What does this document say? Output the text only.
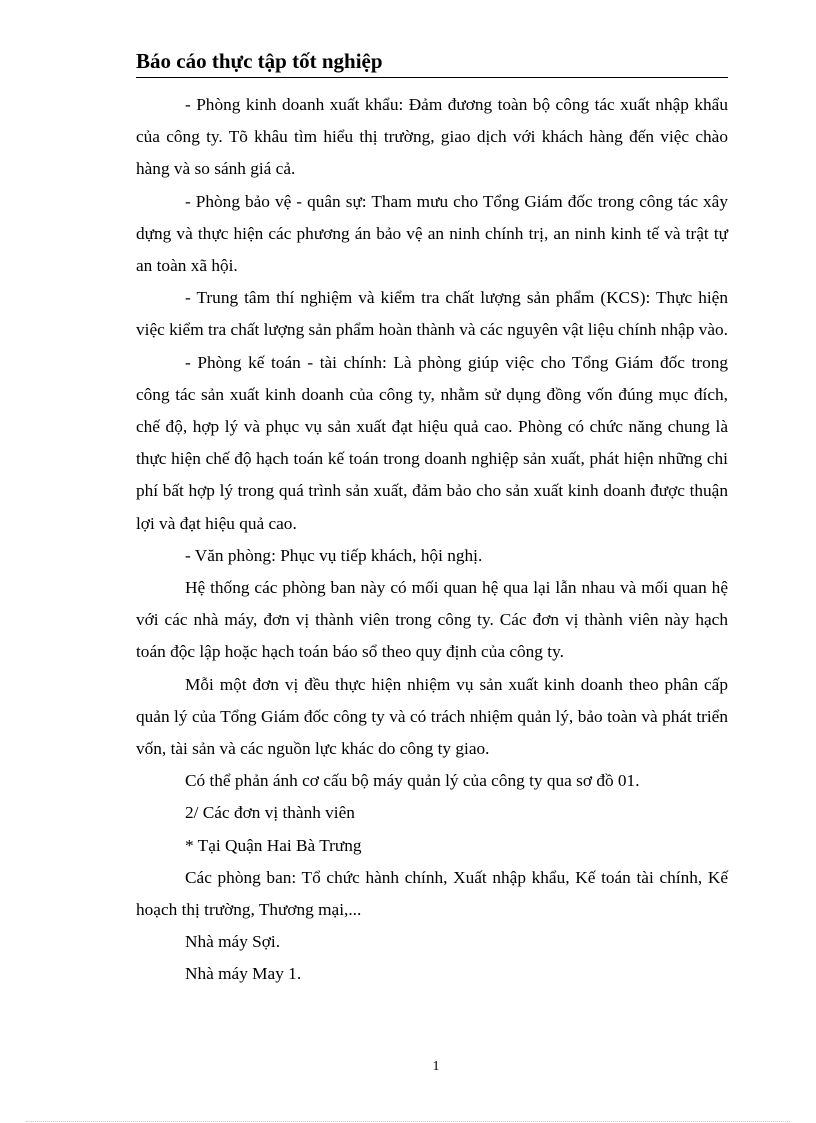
Báo cáo thực tập tốt nghiệp

- Phòng kinh doanh xuất khẩu: Đảm đương toàn bộ công tác xuất nhập khẩu của công ty. Tõ khâu tìm hiểu thị trường, giao dịch với khách hàng đến việc chào hàng và so sánh giá cả.

- Phòng bảo vệ - quân sự: Tham mưu cho Tổng Giám đốc trong công tác xây dựng và thực hiện các phương án bảo vệ an ninh chính trị, an ninh kinh tế và trật tự an toàn xã hội.

- Trung tâm thí nghiệm và kiểm tra chất lượng sản phẩm (KCS): Thực hiện việc kiểm tra chất lượng sản phẩm hoàn thành và các nguyên vật liệu chính nhập vào.

- Phòng kế toán - tài chính: Là phòng giúp việc cho Tổng Giám đốc trong công tác sản xuất kinh doanh của công ty, nhằm sử dụng đồng vốn đúng mục đích, chế độ, hợp lý và phục vụ sản xuất đạt hiệu quả cao. Phòng có chức năng chung là thực hiện chế độ hạch toán kế toán trong doanh nghiệp sản xuất, phát hiện những chi phí bất hợp lý trong quá trình sản xuất, đảm bảo cho sản xuất kinh doanh được thuận lợi và đạt hiệu quả cao.

- Văn phòng: Phục vụ tiếp khách, hội nghị.

Hệ thống các phòng ban này có mối quan hệ qua lại lẫn nhau và mối quan hệ với các nhà máy, đơn vị thành viên trong công ty. Các đơn vị thành viên này hạch toán độc lập hoặc hạch toán báo sổ theo quy định của công ty.

Mỗi một đơn vị đều thực hiện nhiệm vụ sản xuất kinh doanh theo phân cấp quản lý của Tổng Giám đốc công ty và có trách nhiệm quản lý, bảo toàn và phát triển vốn, tài sản và các nguồn lực khác do công ty giao.

Có thể phản ánh cơ cấu bộ máy quản lý của công ty qua sơ đồ 01.

2/ Các đơn vị thành viên

* Tại Quận Hai Bà Trưng

Các phòng ban: Tổ chức hành chính, Xuất nhập khẩu, Kế toán tài chính, Kế hoạch thị trường, Thương mại,...

Nhà máy Sợi.

Nhà máy May 1.

1
